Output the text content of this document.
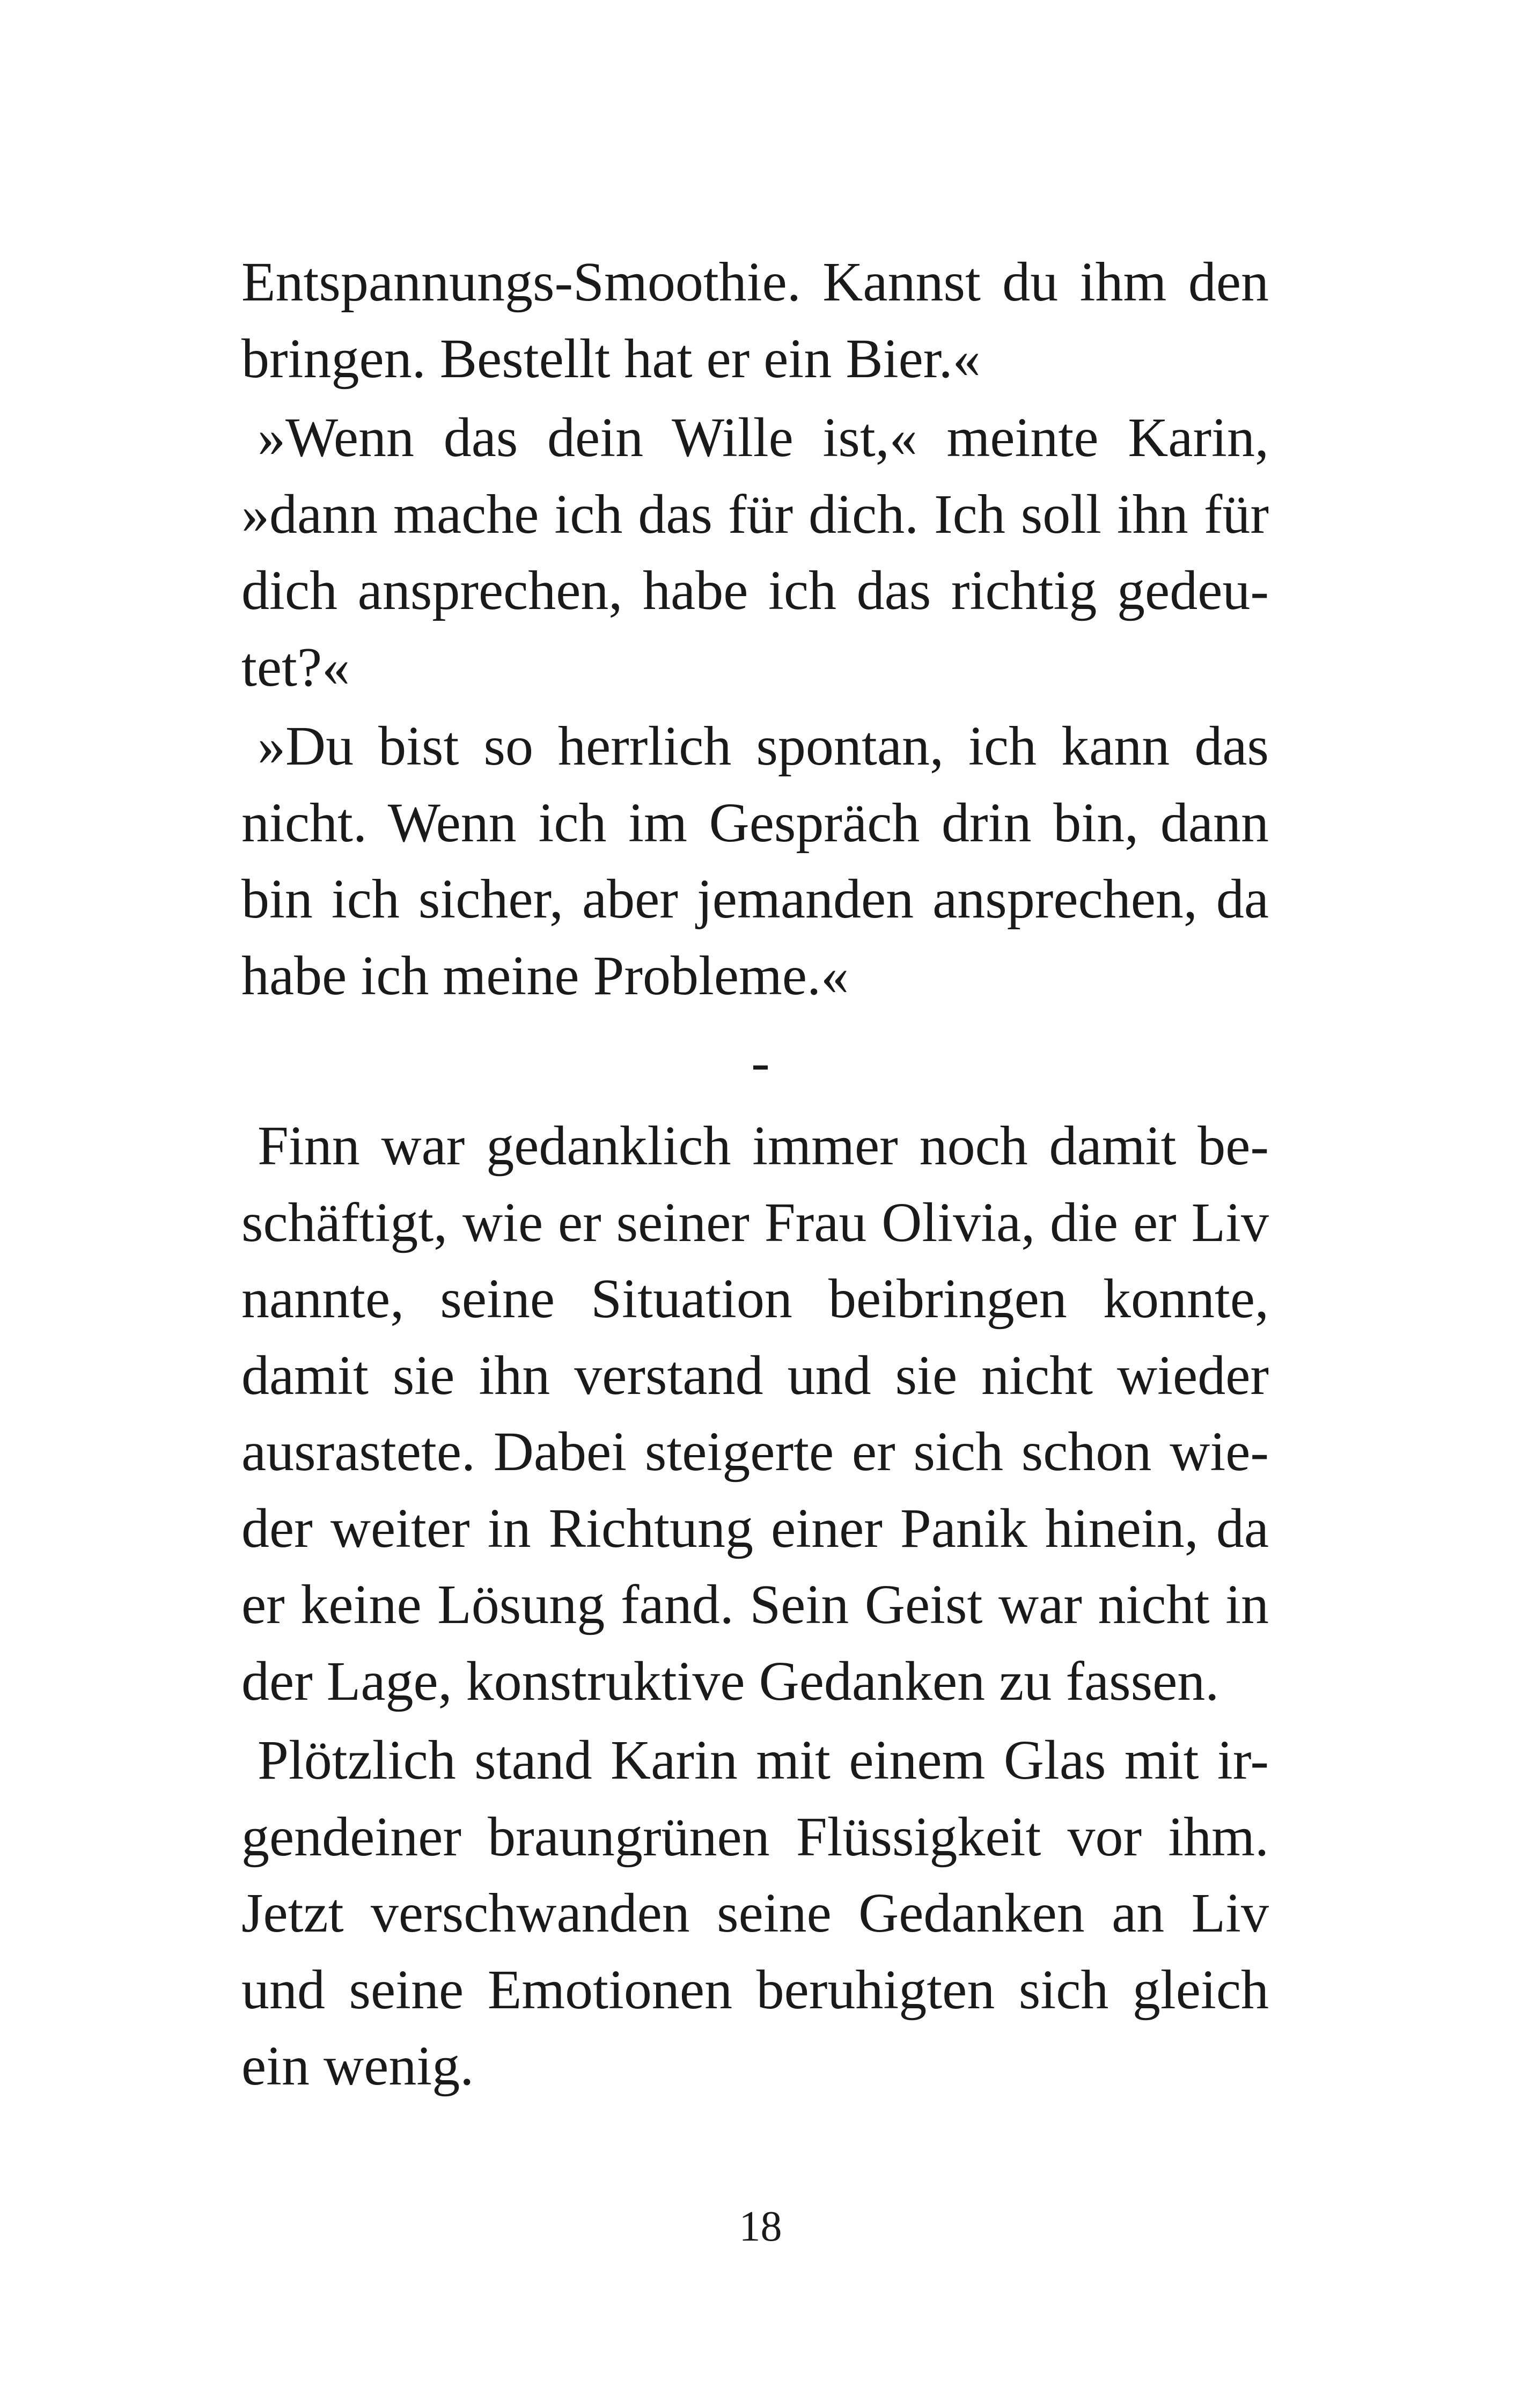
Entspannungs-Smoothie. Kannst du ihm den
bringen. Bestellt hat er ein Bier.«
»Wenn das dein Wille ist,« meinte Karin,
»dann mache ich das für dich. Ich soll ihn für
dich ansprechen, habe ich das richtig gedeu-
tet?«
»Du bist so herrlich spontan, ich kann das
nicht. Wenn ich im Gespräch drin bin, dann
bin ich sicher, aber jemanden ansprechen, da
habe ich meine Probleme.«
-
Finn war gedanklich immer noch damit be-
schäftigt, wie er seiner Frau Olivia, die er Liv
nannte, seine Situation beibringen konnte,
damit sie ihn verstand und sie nicht wieder
ausrastete. Dabei steigerte er sich schon wie-
der weiter in Richtung einer Panik hinein, da
er keine Lösung fand. Sein Geist war nicht in
der Lage, konstruktive Gedanken zu fassen.
Plötzlich stand Karin mit einem Glas mit ir-
gendeiner braungrünen Flüssigkeit vor ihm.
Jetzt verschwanden seine Gedanken an Liv
und seine Emotionen beruhigten sich gleich
ein wenig.
18
